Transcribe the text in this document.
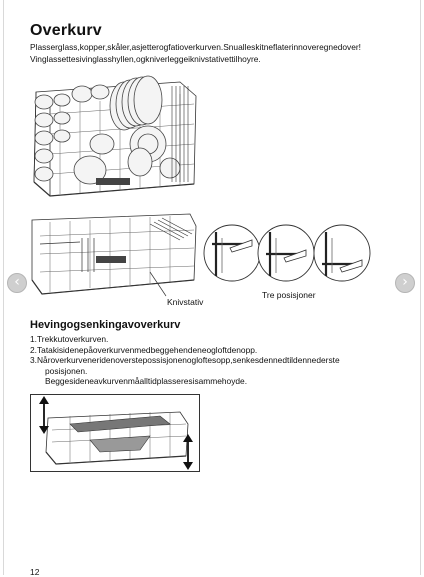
Overkurv
Plasserglass,kopper,skåler,asjetterogfatioverkurven.Snualleskitneflaterinnoveregnedover!
Vinglassettesivinglasshyllen,ogkniverleggeiknivstativettilhoyre.
Knivstativ
Tre posisjoner
‹	›
Hevingogsenkingavoverkurv
1.Trekkutoverkurven.
2.Tatakisidenepåoverkurvenmedbeggehendeneogloftdenopp.
3.Nåroverkurveneridenoverstepossisjonenogloftesopp,senkesdennedtildennederste
posisjonen.
Beggesideneavkurvenmåalltidplasseresisammehoyde.
12
